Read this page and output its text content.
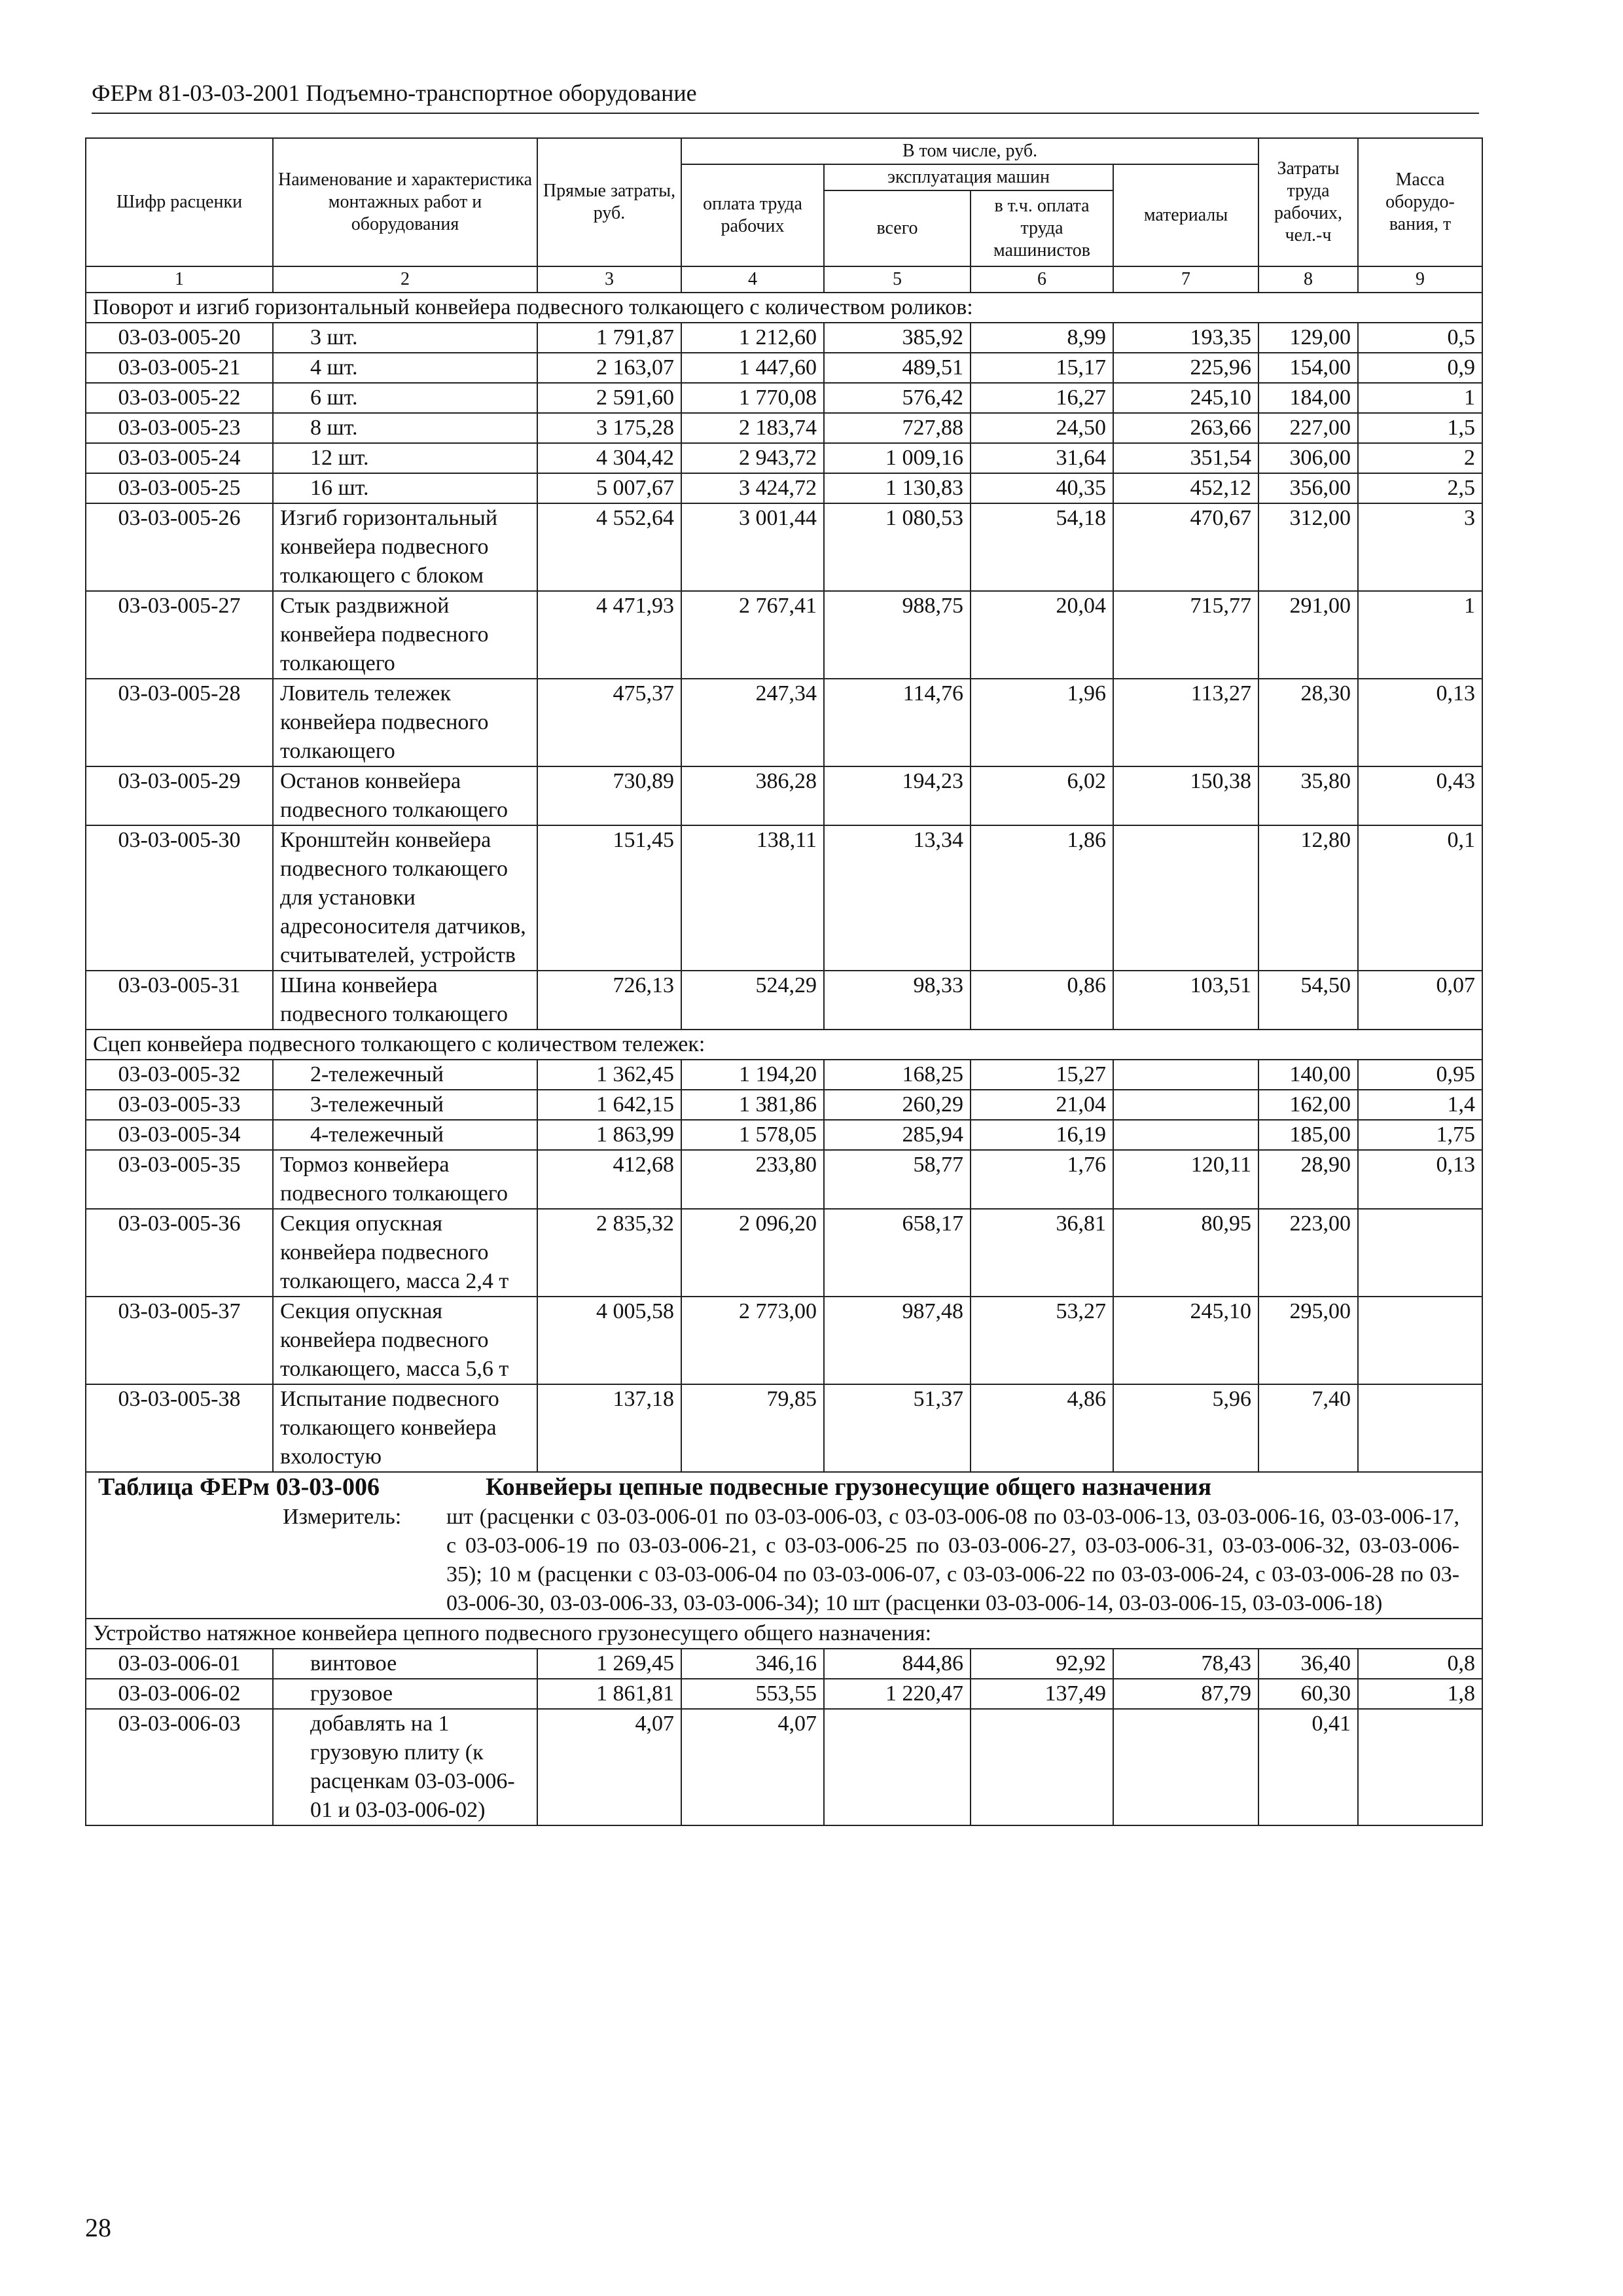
ФЕРм 81-03-03-2001 Подъемно-транспортное оборудование
Шифр расценки	Наименование и характеристика монтажных работ и оборудования	Прямые затраты, руб.	В том числе, руб.				Затраты труда рабочих, чел.-ч	Масса оборудо-вания, т
			оплата труда рабочих	эксплуатация машин		материалы		
				всего	в т.ч. оплата труда машинистов			
1	2	3	4	5	6	7	8	9
Поворот и изгиб горизонтальный конвейера подвесного толкающего с количеством роликов:								
03-03-005-20	3 шт.	1 791,87	1 212,60	385,92	8,99	193,35	129,00	0,5
03-03-005-21	4 шт.	2 163,07	1 447,60	489,51	15,17	225,96	154,00	0,9
03-03-005-22	6 шт.	2 591,60	1 770,08	576,42	16,27	245,10	184,00	1
03-03-005-23	8 шт.	3 175,28	2 183,74	727,88	24,50	263,66	227,00	1,5
03-03-005-24	12 шт.	4 304,42	2 943,72	1 009,16	31,64	351,54	306,00	2
03-03-005-25	16 шт.	5 007,67	3 424,72	1 130,83	40,35	452,12	356,00	2,5
03-03-005-26	Изгиб горизонтальный конвейера подвесного толкающего с блоком	4 552,64	3 001,44	1 080,53	54,18	470,67	312,00	3
03-03-005-27	Стык раздвижной конвейера подвесного толкающего	4 471,93	2 767,41	988,75	20,04	715,77	291,00	1
03-03-005-28	Ловитель тележек конвейера подвесного толкающего	475,37	247,34	114,76	1,96	113,27	28,30	0,13
03-03-005-29	Останов конвейера подвесного толкающего	730,89	386,28	194,23	6,02	150,38	35,80	0,43
03-03-005-30	Кронштейн конвейера подвесного толкающего для установки адресоносителя датчиков, считывателей, устройств	151,45	138,11	13,34	1,86		12,80	0,1
03-03-005-31	Шина конвейера подвесного толкающего	726,13	524,29	98,33	0,86	103,51	54,50	0,07
Сцеп конвейера подвесного толкающего с количеством тележек:								
03-03-005-32	2-тележечный	1 362,45	1 194,20	168,25	15,27		140,00	0,95
03-03-005-33	3-тележечный	1 642,15	1 381,86	260,29	21,04		162,00	1,4
03-03-005-34	4-тележечный	1 863,99	1 578,05	285,94	16,19		185,00	1,75
03-03-005-35	Тормоз конвейера подвесного толкающего	412,68	233,80	58,77	1,76	120,11	28,90	0,13
03-03-005-36	Секция опускная конвейера подвесного толкающего, масса 2,4 т	2 835,32	2 096,20	658,17	36,81	80,95	223,00	
03-03-005-37	Секция опускная конвейера подвесного толкающего, масса 5,6 т	4 005,58	2 773,00	987,48	53,27	245,10	295,00	
03-03-005-38	Испытание подвесного толкающего конвейера вхолостую	137,18	79,85	51,37	4,86	5,96	7,40	

Таблица ФЕРм 03-03-006 Конвейеры цепные подвесные грузонесущие общего назначения
Измеритель: шт (расценки с 03-03-006-01 по 03-03-006-03, с 03-03-006-08 по 03-03-006-13, 03-03-006-16, 03-03-006-17, с 03-03-006-19 по 03-03-006-21, с 03-03-006-25 по 03-03-006-27, 03-03-006-31, 03-03-006-32, 03-03-006-35); 10 м (расценки с 03-03-006-04 по 03-03-006-07, с 03-03-006-22 по 03-03-006-24, с 03-03-006-28 по 03-03-006-30, 03-03-006-33, 03-03-006-34); 10 шт (расценки 03-03-006-14, 03-03-006-15, 03-03-006-18)								

Устройство натяжное конвейера цепного подвесного грузонесущего общего назначения:								
03-03-006-01	винтовое	1 269,45	346,16	844,86	92,92	78,43	36,40	0,8
03-03-006-02	грузовое	1 861,81	553,55	1 220,47	137,49	87,79	60,30	1,8
03-03-006-03	добавлять на 1 грузовую плиту (к расценкам 03-03-006-01 и 03-03-006-02)	4,07	4,07				0,41	
28
